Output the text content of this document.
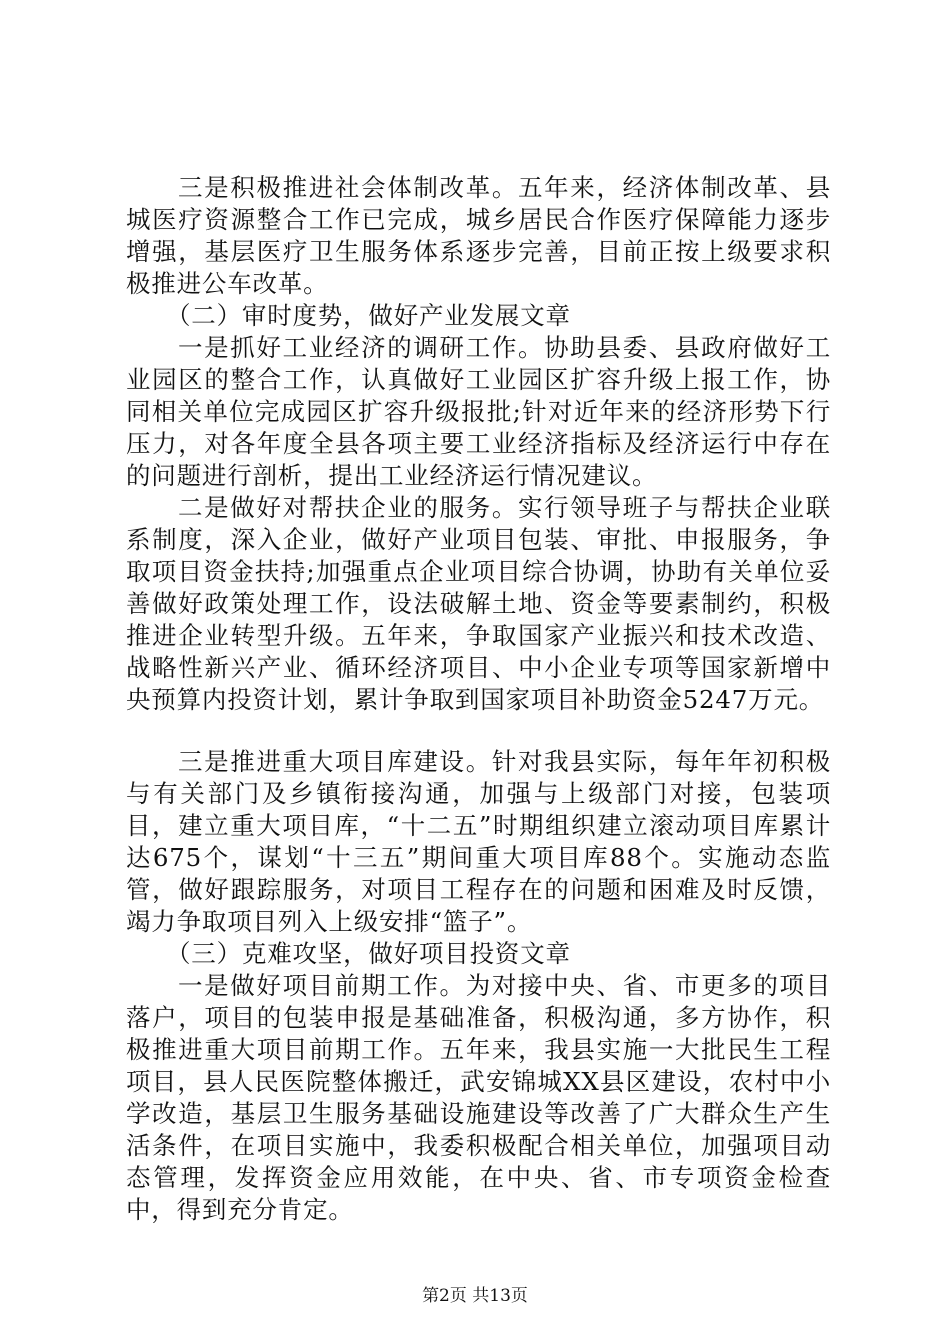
三是积极推进社会体制改革。五年来，经济体制改革、县城医疗资源整合工作已完成，城乡居民合作医疗保障能力逐步增强，基层医疗卫生服务体系逐步完善，目前正按上级要求积极推进公车改革。

（二）审时度势，做好产业发展文章

一是抓好工业经济的调研工作。协助县委、县政府做好工业园区的整合工作，认真做好工业园区扩容升级上报工作，协同相关单位完成园区扩容升级报批;针对近年来的经济形势下行压力，对各年度全县各项主要工业经济指标及经济运行中存在的问题进行剖析，提出工业经济运行情况建议。

二是做好对帮扶企业的服务。实行领导班子与帮扶企业联系制度，深入企业，做好产业项目包装、审批、申报服务，争取项目资金扶持;加强重点企业项目综合协调，协助有关单位妥善做好政策处理工作，设法破解土地、资金等要素制约，积极推进企业转型升级。五年来，争取国家产业振兴和技术改造、战略性新兴产业、循环经济项目、中小企业专项等国家新增中央预算内投资计划，累计争取到国家项目补助资金5247万元。

三是推进重大项目库建设。针对我县实际，每年年初积极与有关部门及乡镇衔接沟通，加强与上级部门对接，包装项目，建立重大项目库，“十二五”时期组织建立滚动项目库累计达675个，谋划“十三五”期间重大项目库88个。实施动态监管，做好跟踪服务，对项目工程存在的问题和困难及时反馈，竭力争取项目列入上级安排“篮子”。

（三）克难攻坚，做好项目投资文章

一是做好项目前期工作。为对接中央、省、市更多的项目落户，项目的包装申报是基础准备，积极沟通，多方协作，积极推进重大项目前期工作。五年来，我县实施一大批民生工程项目，县人民医院整体搬迁，武安锦城XX县区建设，农村中小学改造，基层卫生服务基础设施建设等改善了广大群众生产生活条件，在项目实施中，我委积极配合相关单位，加强项目动态管理，发挥资金应用效能，在中央、省、市专项资金检查中，得到充分肯定。

第2页 共13页
